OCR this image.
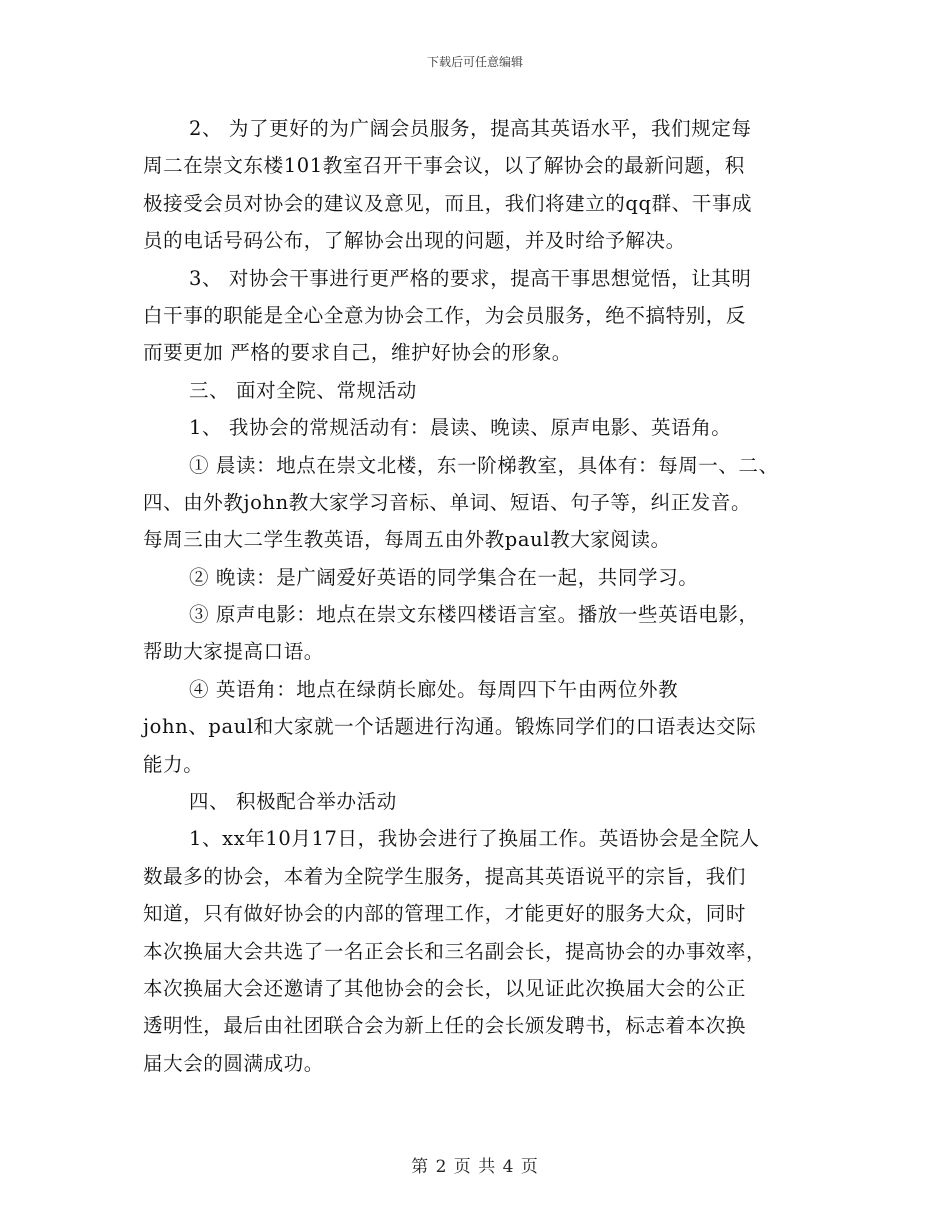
下载后可任意编辑
2、 为了更好的为广阔会员服务，提高其英语水平，我们规定每
周二在崇文东楼101教室召开干事会议，以了解协会的最新问题，积
极接受会员对协会的建议及意见，而且，我们将建立的qq群、干事成
员的电话号码公布，了解协会出现的问题，并及时给予解决。
3、 对协会干事进行更严格的要求，提高干事思想觉悟，让其明
白干事的职能是全心全意为协会工作，为会员服务，绝不搞特别，反
而要更加 严格的要求自己，维护好协会的形象。
三、 面对全院、常规活动
1、 我协会的常规活动有：晨读、晚读、原声电影、英语角。
① 晨读：地点在崇文北楼，东一阶梯教室，具体有：每周一、二、
四、由外教john教大家学习音标、单词、短语、句子等，纠正发音。
每周三由大二学生教英语，每周五由外教paul教大家阅读。
② 晚读：是广阔爱好英语的同学集合在一起，共同学习。
③ 原声电影：地点在崇文东楼四楼语言室。播放一些英语电影，
帮助大家提高口语。
④ 英语角：地点在绿荫长廊处。每周四下午由两位外教
john、paul和大家就一个话题进行沟通。锻炼同学们的口语表达交际
能力。
四、 积极配合举办活动
1、xx年10月17日，我协会进行了换届工作。英语协会是全院人
数最多的协会，本着为全院学生服务，提高其英语说平的宗旨，我们
知道，只有做好协会的内部的管理工作，才能更好的服务大众，同时
本次换届大会共选了一名正会长和三名副会长，提高协会的办事效率，
本次换届大会还邀请了其他协会的会长，以见证此次换届大会的公正
透明性，最后由社团联合会为新上任的会长颁发聘书，标志着本次换
届大会的圆满成功。
第 2 页 共 4 页
